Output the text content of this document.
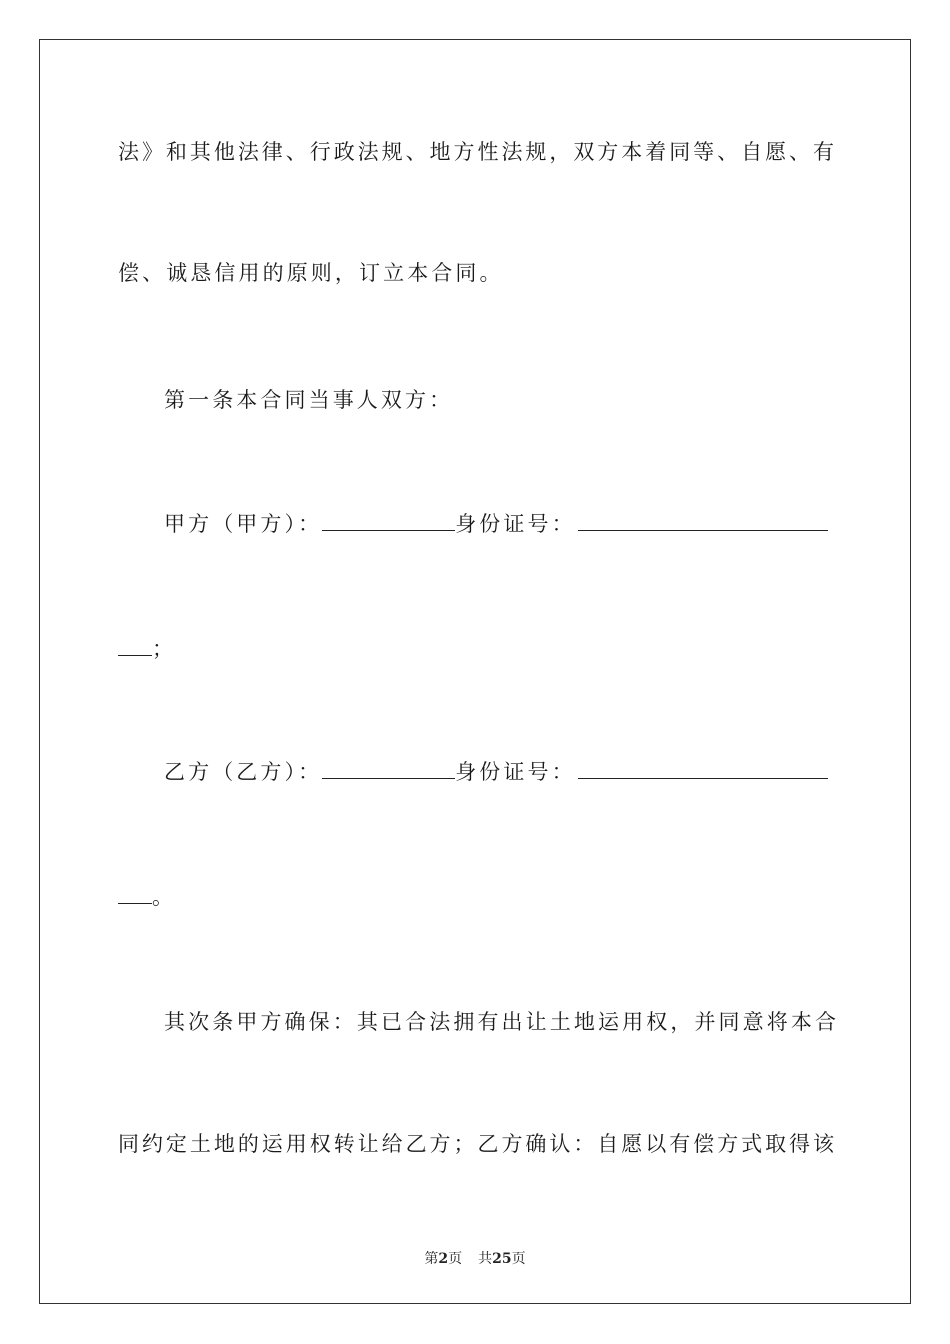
法》和其他法律、行政法规、地方性法规，双方本着同等、自愿、有
偿、诚恳信用的原则，订立本合同。
第一条本合同当事人双方：
甲方（甲方）：	身份证号：
；
乙方（乙方）：	身份证号：
。
其次条甲方确保：其已合法拥有出让土地运用权，并同意将本合
同约定土地的运用权转让给乙方；乙方确认：自愿以有偿方式取得该
第2页 共25页
